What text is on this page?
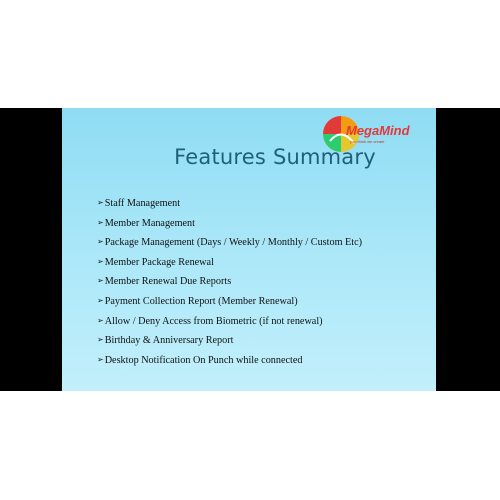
MegaMind
you think we create
Features Summary
➢Staff Management
➢Member Management
➢Package Management (Days / Weekly / Monthly / Custom Etc)
➢Member Package Renewal
➢Member Renewal Due Reports
➢Payment Collection Report (Member Renewal)
➢Allow / Deny Access from Biometric (if not renewal)
➢Birthday & Anniversary Report
➢Desktop Notification On Punch while connected
